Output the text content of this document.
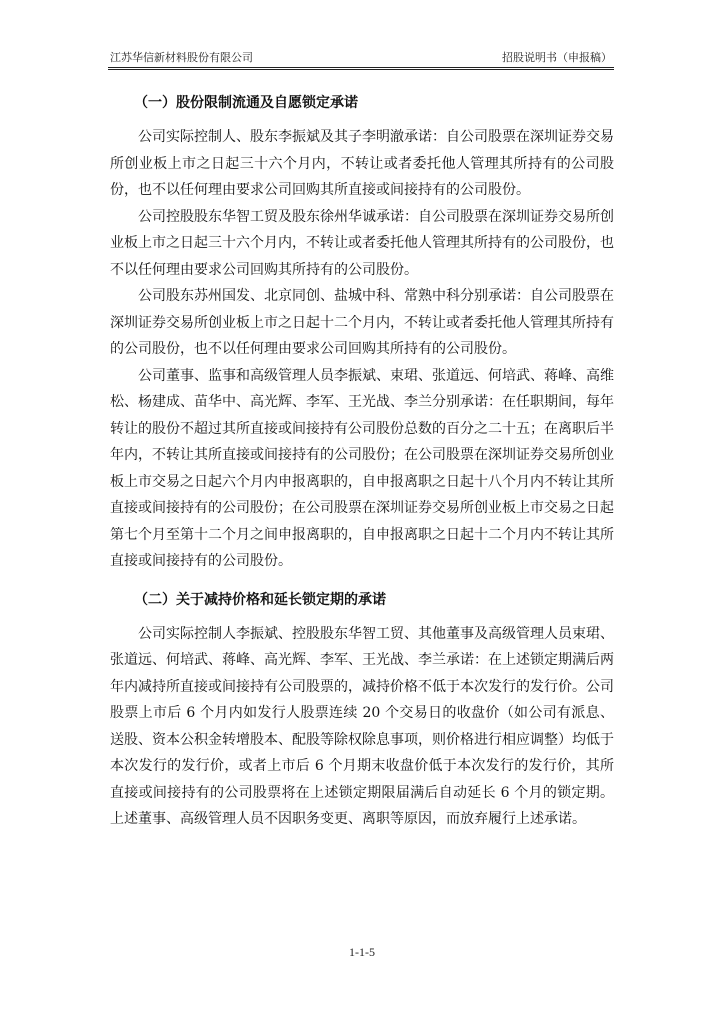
江苏华信新材料股份有限公司	招股说明书（申报稿）
（一）股份限制流通及自愿锁定承诺

公司实际控制人、股东李振斌及其子李明澈承诺：自公司股票在深圳证券交易所创业板上市之日起三十六个月内，不转让或者委托他人管理其所持有的公司股份，也不以任何理由要求公司回购其所直接或间接持有的公司股份。

公司控股股东华智工贸及股东徐州华诚承诺：自公司股票在深圳证券交易所创业板上市之日起三十六个月内，不转让或者委托他人管理其所持有的公司股份，也不以任何理由要求公司回购其所持有的公司股份。

公司股东苏州国发、北京同创、盐城中科、常熟中科分别承诺：自公司股票在深圳证券交易所创业板上市之日起十二个月内，不转让或者委托他人管理其所持有的公司股份，也不以任何理由要求公司回购其所持有的公司股份。

公司董事、监事和高级管理人员李振斌、束珺、张道远、何培武、蒋峰、高维松、杨建成、苗华中、高光辉、李军、王光战、李兰分别承诺：在任职期间，每年转让的股份不超过其所直接或间接持有公司股份总数的百分之二十五；在离职后半年内，不转让其所直接或间接持有的公司股份；在公司股票在深圳证券交易所创业板上市交易之日起六个月内申报离职的，自申报离职之日起十八个月内不转让其所直接或间接持有的公司股份；在公司股票在深圳证券交易所创业板上市交易之日起第七个月至第十二个月之间申报离职的，自申报离职之日起十二个月内不转让其所直接或间接持有的公司股份。

（二）关于减持价格和延长锁定期的承诺

公司实际控制人李振斌、控股股东华智工贸、其他董事及高级管理人员束珺、张道远、何培武、蒋峰、高光辉、李军、王光战、李兰承诺：在上述锁定期满后两年内减持所直接或间接持有公司股票的，减持价格不低于本次发行的发行价。公司股票上市后 6 个月内如发行人股票连续 20 个交易日的收盘价（如公司有派息、送股、资本公积金转增股本、配股等除权除息事项，则价格进行相应调整）均低于本次发行的发行价，或者上市后 6 个月期末收盘价低于本次发行的发行价，其所直接或间接持有的公司股票将在上述锁定期限届满后自动延长 6 个月的锁定期。上述董事、高级管理人员不因职务变更、离职等原因，而放弃履行上述承诺。

1-1-5
